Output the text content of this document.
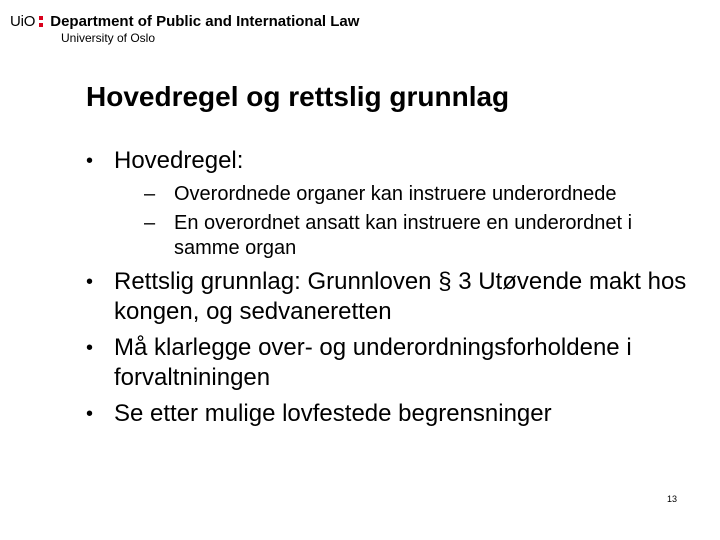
UiO Department of Public and International Law
University of Oslo
Hovedregel og rettslig grunnlag
• Hovedregel:
– Overordnede organer kan instruere underordnede
– En overordnet ansatt kan instruere en underordnet i samme organ
• Rettslig grunnlag: Grunnloven § 3 Utøvende makt hos kongen, og sedvaneretten
• Må klarlegge over- og underordningsforholdene i forvaltniningen
• Se etter mulige lovfestede begrensninger
13
